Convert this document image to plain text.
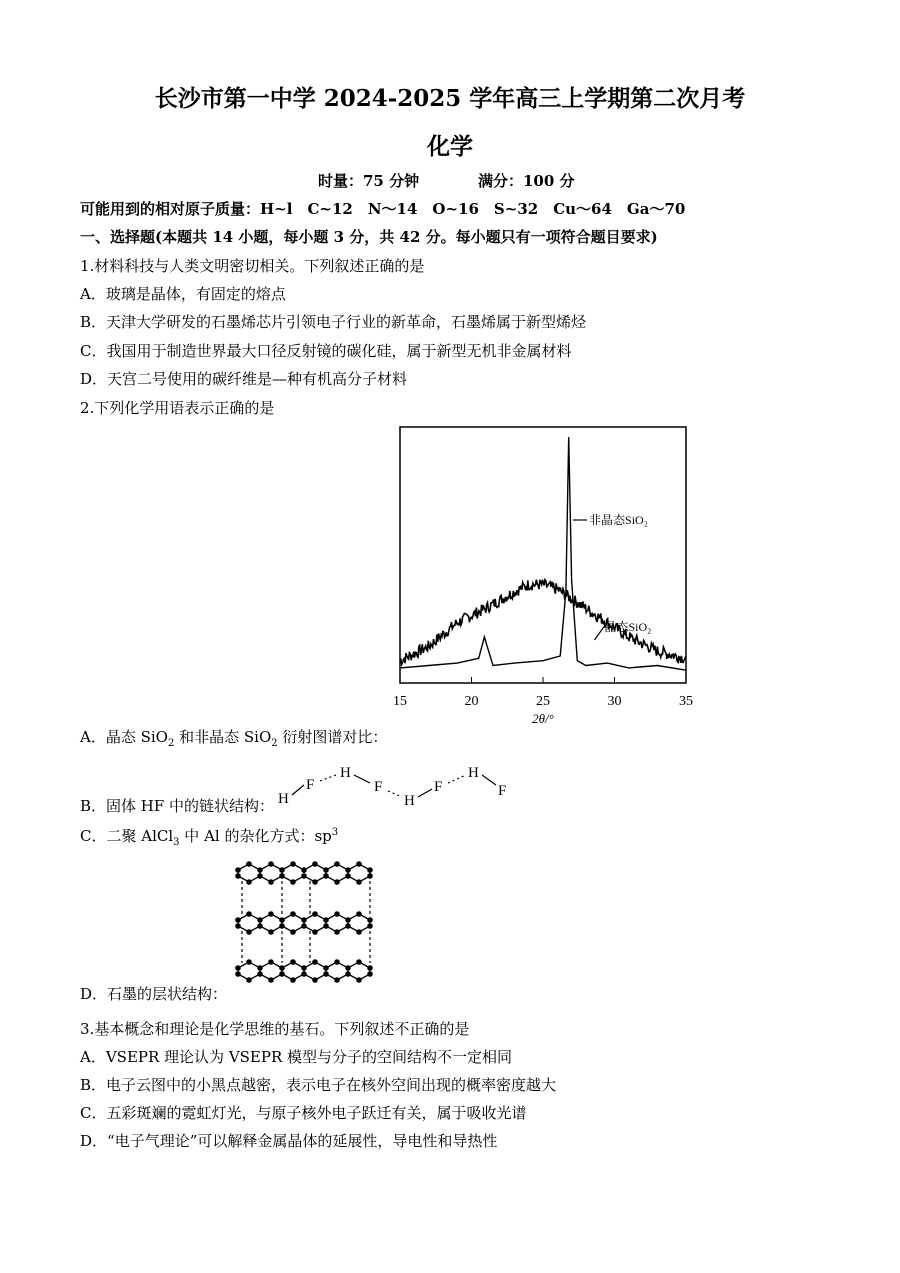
长沙市第一中学 2024-2025 学年高三上学期第二次月考
化学
时量：75 分钟	满分：100 分
可能用到的相对原子质量：H~l　C~12　N～14　O~16　S~32　Cu～64　Ga～70
一、选择题(本题共 14 小题，每小题 3 分，共 42 分。每小题只有一项符合题目要求)
1.材料科技与人类文明密切相关。下列叙述正确的是
A．玻璃是晶体，有固定的熔点
B．天津大学研发的石墨烯芯片引领电子行业的新革命，石墨烯属于新型烯烃
C．我国用于制造世界最大口径反射镜的碳化硅，属于新型无机非金属材料
D．天宫二号使用的碳纤维是—种有机高分子材料
2.下列化学用语表示正确的是
15	20	25	30	35
2θ/°
非晶态SiO₂
晶态SiO₂
A．晶态 SiO$_2$ 和非晶态 SiO$_2$ 衍射图谱对比：
H
F
H
F
H
F
H
F
B．固体 HF 中的链状结构：
C．二聚 AlCl$_3$ 中 Al 的杂化方式：$sp^3$
D．石墨的层状结构：
3.基本概念和理论是化学思维的基石。下列叙述不正确的是
A．VSEPR 理论认为 VSEPR 模型与分子的空间结构不一定相同
B．电子云图中的小黑点越密，表示电子在核外空间出现的概率密度越大
C．五彩斑斓的霓虹灯光，与原子核外电子跃迁有关，属于吸收光谱
D．“电子气理论”可以解释金属晶体的延展性，导电性和导热性
